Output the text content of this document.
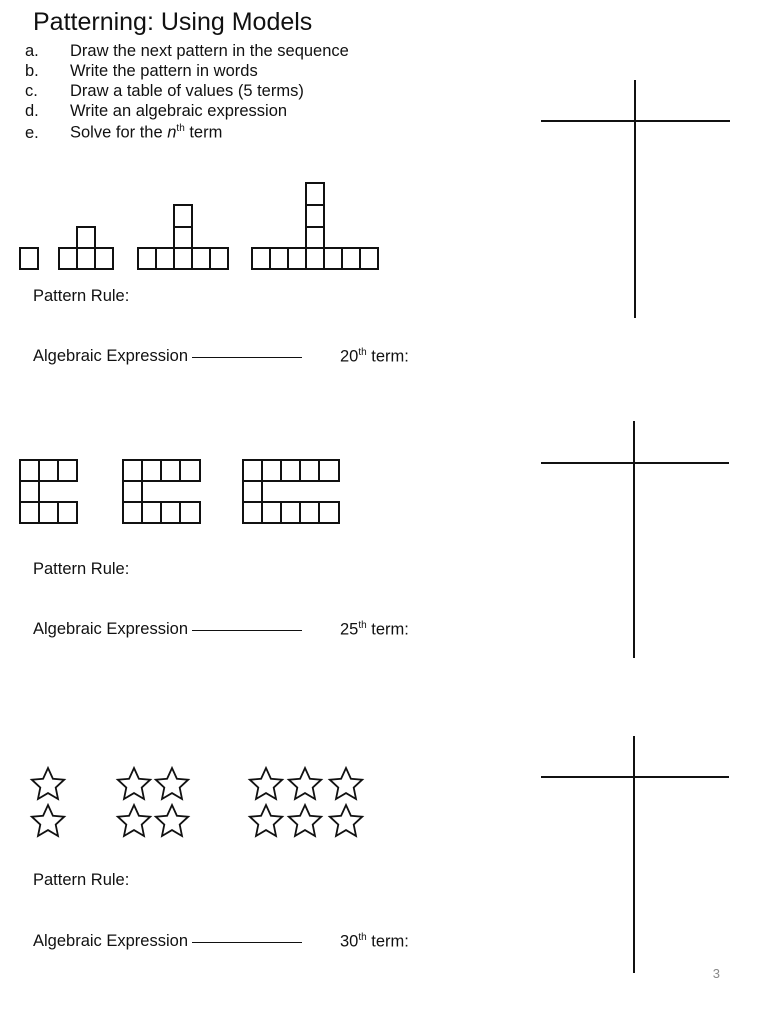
Patterning: Using Models
a. Draw the next pattern in the sequence
b. Write the pattern in words
c. Draw a table of values (5 terms)
d. Write an algebraic expression
e. Solve for the $n^{th}$ term
Pattern Rule:
Algebraic Expression	20th term:
Pattern Rule:
Algebraic Expression	25th term:
Pattern Rule:
Algebraic Expression	30th term:
3
